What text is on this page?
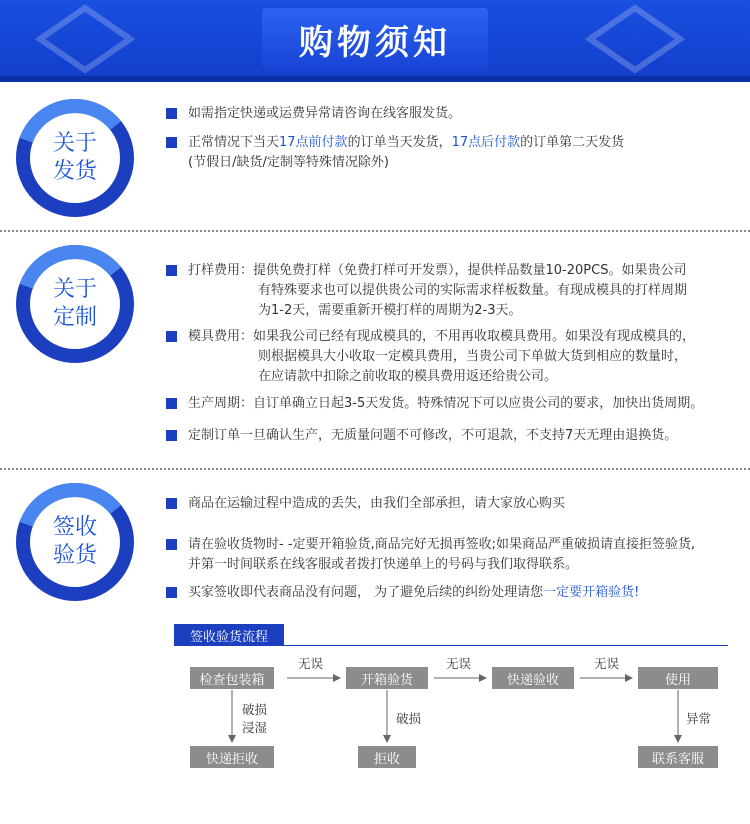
购物须知
关于
发货
如需指定快递或运费异常请咨询在线客服发货。
正常情况下当天17点前付款的订单当天发货，17点后付款的订单第二天发货
(节假日/缺货/定制等特殊情况除外)
关于
定制
打样费用：提供免费打样（免费打样可开发票），提供样品数量10-20PCS。如果贵公司
有特殊要求也可以提供贵公司的实际需求样板数量。有现成模具的打样周期
为1-2天，需要重新开模打样的周期为2-3天。
模具费用：如果我公司已经有现成模具的，不用再收取模具费用。如果没有现成模具的，
则根据模具大小收取一定模具费用，当贵公司下单做大货到相应的数量时，
在应请款中扣除之前收取的模具费用返还给贵公司。
生产周期：自订单确立日起3-5天发货。特殊情况下可以应贵公司的要求，加快出货周期。
定制订单一旦确认生产，无质量问题不可修改，不可退款，不支持7天无理由退换货。
签收
验货
商品在运输过程中造成的丢失，由我们全部承担，请大家放心购买
请在验收货物时- -定要开箱验货,商品完好无损再签收;如果商品严重破损请直接拒签验货,
并第一时间联系在线客服或者拨打快递单上的号码与我们取得联系。
买家签收即代表商品没有问题， 为了避免后续的纠纷处理请您一定要开箱验货!
签收验货流程
检查包装箱	开箱验货	快递验收	使用
无误	无误	无误
破损
浸湿
破损	异常
快递拒收	拒收	联系客服
